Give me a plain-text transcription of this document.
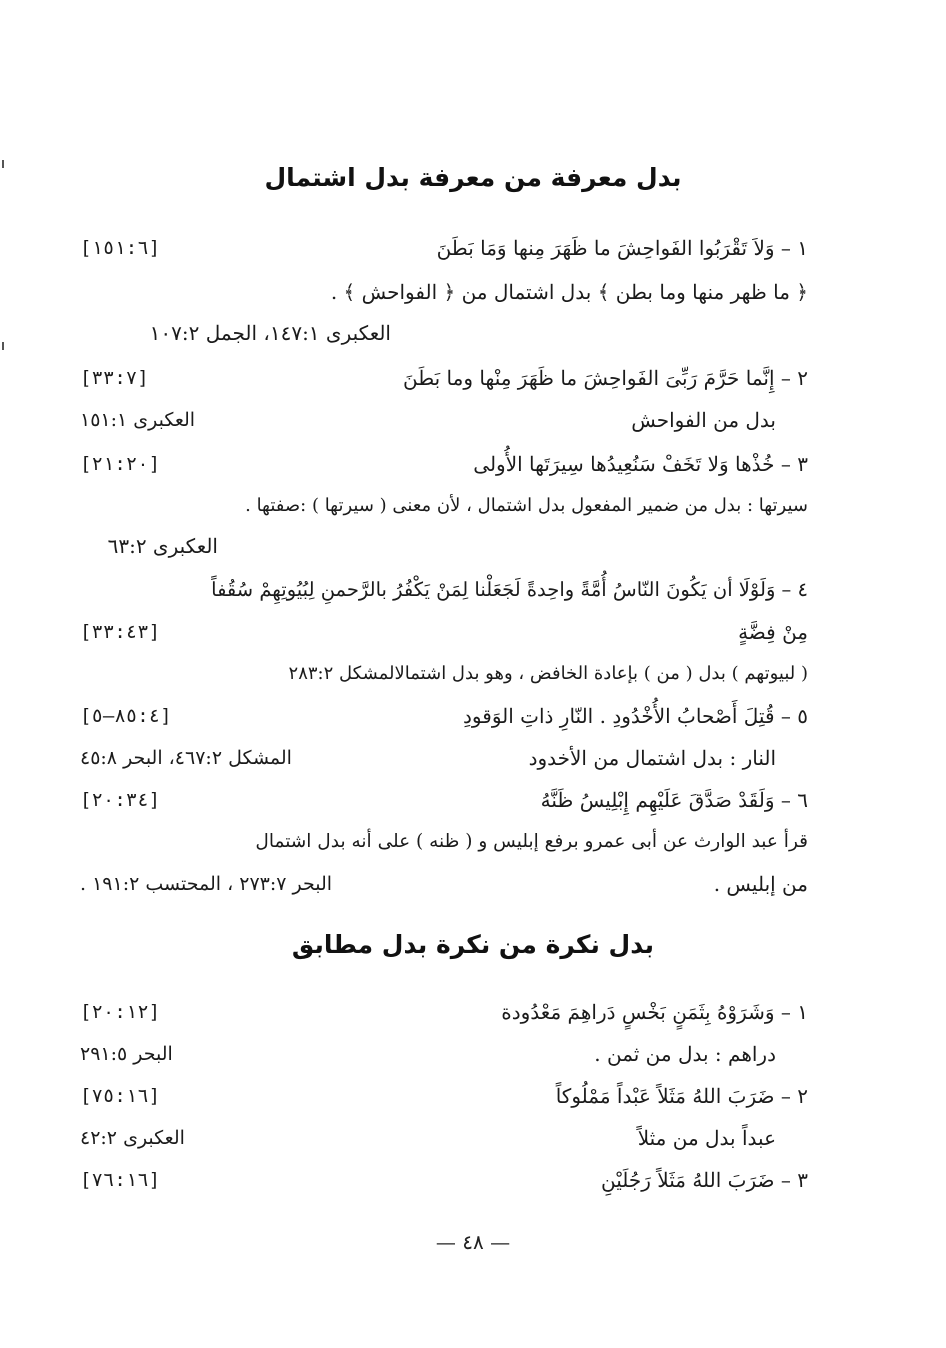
بدل معرفة من معرفة بدل اشتمال
١ – وَلاَ تَقْرَبُوا الفَواحِشَ ما ظَهَرَ مِنها وَمَا بَطَنَ
[١٥١:٦]
﴿ ما ظهر منها وما بطن ﴾ بدل اشتمال من ﴿ الفواحش ﴾ .
العكبرى ١٤٧:١، الجمل ١٠٧:٢
٢ – إِنَّما حَرَّمَ رَبِّىَ الفَواحِشَ ما ظَهَرَ مِنْها وما بَطَنَ
[٣٣:٧]
بدل من الفواحش
العكبرى ١٥١:١
٣ – خُذْها وَلا تَخَفْ سَنُعِيدُها سِيرَتَها الأُولى
[٢١:٢٠]
سيرتها : بدل من ضمير المفعول بدل اشتمال ، لأن معنى ( سيرتها ) :صفتها .
العكبرى ٦٣:٢
٤ – وَلَوْلَا أن يَكُونَ النّاسُ أُمَّةً واحِدةً لَجَعَلْنا لِمَنْ يَكْفُرُ بالرَّحمنِ لِبُيُوتِهِمْ سُقُفاً
مِنْ فِضَّةٍ
[٣٣:٤٣]
( لبيوتهم ) بدل ( من ) بإعادة الخافض ، وهو بدل اشتمالالمشكل ٢٨٣:٢
٥ – قُتِلَ أَصْحابُ الأُخْدُودِ . النّارِ ذاتِ الوَقودِ
[٨٥:٤–٥]
النار : بدل اشتمال من الأخدود
المشكل ٤٦٧:٢، البحر ٤٥:٨
٦ – وَلَقَدْ صَدَّقَ عَلَيْهِم إِبْلِيسُ ظَنَّهُ
[٢٠:٣٤]
قرأ عبد الوارث عن أبى عمرو برفع إبليس و ( ظنه ) على أنه بدل اشتمال
من إبليس .
البحر ٢٧٣:٧ ، المحتسب ١٩١:٢ .
بدل نكرة من نكرة بدل مطابق
١ – وَشَرَوْهُ بِثَمَنٍ بَخْسٍ دَراهِمَ مَعْدُودة
[٢٠:١٢]
دراهم : بدل من ثمن .
البحر ٢٩١:٥
٢ – ضَرَبَ اللهُ مَثَلاً عَبْداً مَمْلُوكاً
[٧٥:١٦]
عبداً بدل من مثلاً
العكبرى ٤٢:٢
٣ – ضَرَبَ اللهُ مَثَلاً رَجُلَيْنِ
[٧٦:١٦]
— ٤٨ —
